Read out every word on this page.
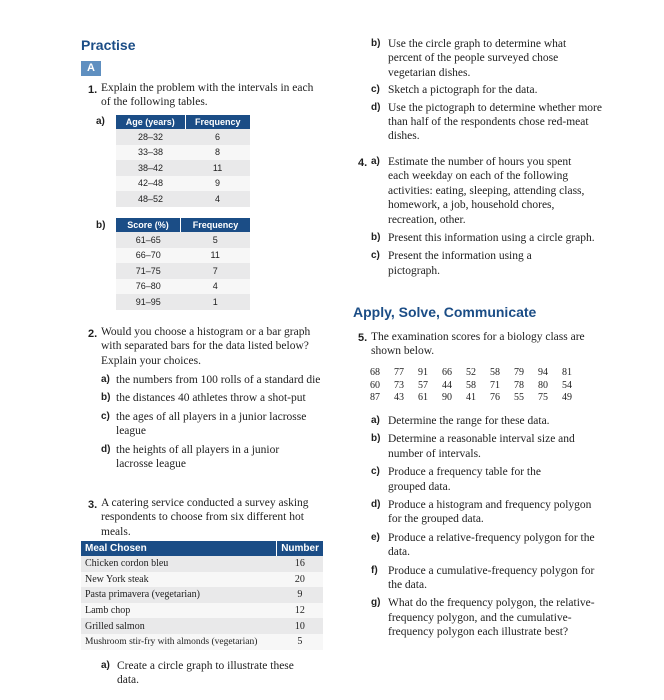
Practise
A
1. Explain the problem with the intervals in each of the following tables.
a) Age (years)	Frequency
28–32	6
33–38	8
38–42	11
42–48	9
48–52	4
b) Score (%)	Frequency
61–65	5
66–70	11
71–75	7
76–80	4
91–95	1
2. Would you choose a histogram or a bar graph with separated bars for the data listed below? Explain your choices.
a) the numbers from 100 rolls of a standard die
b) the distances 40 athletes throw a shot-put
c) the ages of all players in a junior lacrosse league
d) the heights of all players in a junior lacrosse league
3. A catering service conducted a survey asking respondents to choose from six different hot meals.
Meal Chosen	Number
Chicken cordon bleu	16
New York steak	20
Pasta primavera (vegetarian)	9
Lamb chop	12
Grilled salmon	10
Mushroom stir-fry with almonds (vegetarian)	5
a) Create a circle graph to illustrate these data.
b) Use the circle graph to determine what percent of the people surveyed chose vegetarian dishes.
c) Sketch a pictograph for the data.
d) Use the pictograph to determine whether more than half of the respondents chose red-meat dishes.
4. a) Estimate the number of hours you spent each weekday on each of the following activities: eating, sleeping, attending class, homework, a job, household chores, recreation, other.
b) Present this information using a circle graph.
c) Present the information using a pictograph.
Apply, Solve, Communicate
5. The examination scores for a biology class are shown below.
68 77 91 66 52 58 79 94 81
60 73 57 44 58 71 78 80 54
87 43 61 90 41 76 55 75 49
a) Determine the range for these data.
b) Determine a reasonable interval size and number of intervals.
c) Produce a frequency table for the grouped data.
d) Produce a histogram and frequency polygon for the grouped data.
e) Produce a relative-frequency polygon for the data.
f) Produce a cumulative-frequency polygon for the data.
g) What do the frequency polygon, the relative-frequency polygon, and the cumulative-frequency polygon each illustrate best?
